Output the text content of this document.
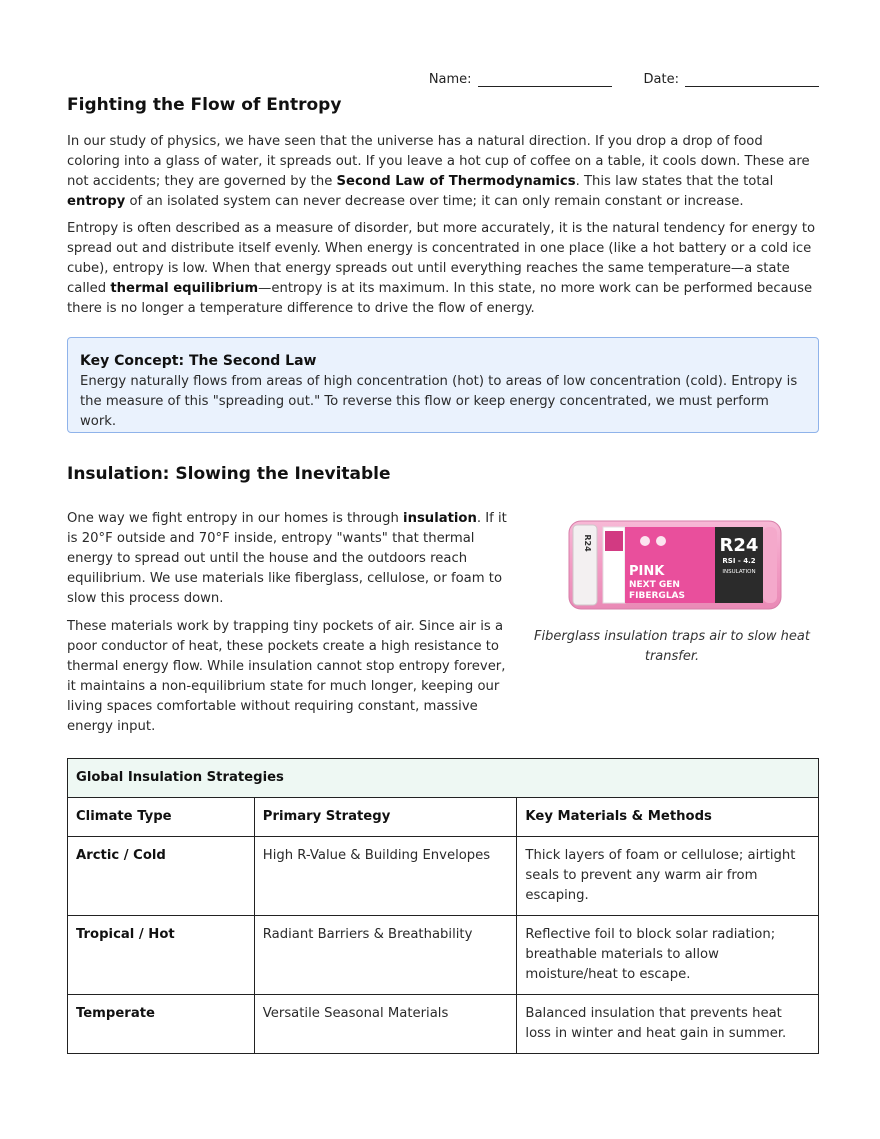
Name:	Date:
Fighting the Flow of Entropy

In our study of physics, we have seen that the universe has a natural direction. If you drop a drop of food coloring into a glass of water, it spreads out. If you leave a hot cup of coffee on a table, it cools down. These are not accidents; they are governed by the Second Law of Thermodynamics. This law states that the total entropy of an isolated system can never decrease over time; it can only remain constant or increase.

Entropy is often described as a measure of disorder, but more accurately, it is the natural tendency for energy to spread out and distribute itself evenly. When energy is concentrated in one place (like a hot battery or a cold ice cube), entropy is low. When that energy spreads out until everything reaches the same temperature—a state called thermal equilibrium—entropy is at its maximum. In this state, no more work can be performed because there is no longer a temperature difference to drive the flow of energy.

Key Concept: The Second Law

Energy naturally flows from areas of high concentration (hot) to areas of low concentration (cold). Entropy is the measure of this "spreading out." To reverse this flow or keep energy concentrated, we must perform work.

Insulation: Slowing the Inevitable

One way we fight entropy in our homes is through insulation. If it is 20°F outside and 70°F inside, entropy "wants" that thermal energy to spread out until the house and the outdoors reach equilibrium. We use materials like fiberglass, cellulose, or foam to slow this process down.

These materials work by trapping tiny pockets of air. Since air is a poor conductor of heat, these pockets create a high resistance to thermal energy flow. While insulation cannot stop entropy forever, it maintains a non-equilibrium state for much longer, keeping our living spaces comfortable without requiring constant, massive energy input.

R24	R24
RSI - 4.2
INSULATION
PINK
NEXT GEN
FIBERGLAS
Fiberglass insulation traps air to slow heat transfer.
Global Insulation Strategies		
Climate Type	Primary Strategy	Key Materials & Methods
Arctic / Cold	High R-Value & Building Envelopes	Thick layers of foam or cellulose; airtight seals to prevent any warm air from escaping.
Tropical / Hot	Radiant Barriers & Breathability	Reflective foil to block solar radiation; breathable materials to allow moisture/heat to escape.
Temperate	Versatile Seasonal Materials	Balanced insulation that prevents heat loss in winter and heat gain in summer.
